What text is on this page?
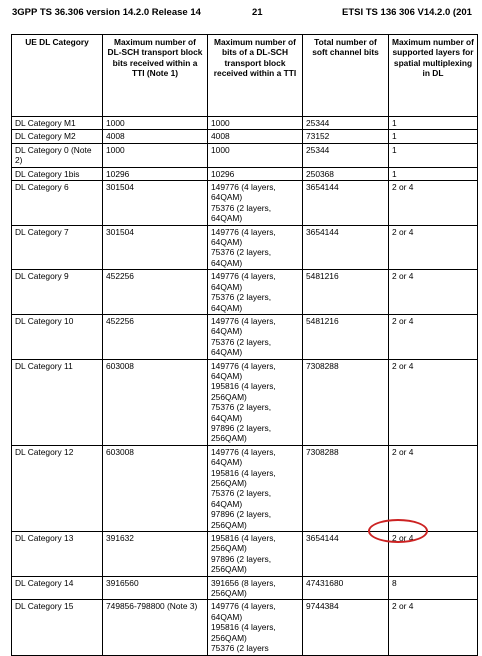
3GPP TS 36.306 version 14.2.0 Release 14	21	ETSI TS 136 306 V14.2.0 (201
UE DL Category	Maximum number of DL-SCH transport block bits received within a TTI (Note 1)	Maximum number of bits of a DL-SCH transport block received within a TTI	Total number of soft channel bits	Maximum number of supported layers for spatial multiplexing in DL
DL Category M1	1000	1000	25344	1
DL Category M2	4008	4008	73152	1
DL Category 0 (Note 2)	1000	1000	25344	1
DL Category 1bis	10296	10296	250368	1
DL Category 6	301504	149776 (4 layers, 64QAM)
75376 (2 layers, 64QAM)	3654144	2 or 4
DL Category 7	301504	149776 (4 layers, 64QAM)
75376 (2 layers, 64QAM)	3654144	2 or 4
DL Category 9	452256	149776 (4 layers, 64QAM)
75376 (2 layers, 64QAM)	5481216	2 or 4
DL Category 10	452256	149776 (4 layers, 64QAM)
75376 (2 layers, 64QAM)	5481216	2 or 4
DL Category 11	603008	149776 (4 layers, 64QAM)
195816 (4 layers, 256QAM)
75376 (2 layers, 64QAM)
97896 (2 layers, 256QAM)	7308288	2 or 4
DL Category 12	603008	149776 (4 layers, 64QAM)
195816 (4 layers, 256QAM)
75376 (2 layers, 64QAM)
97896 (2 layers, 256QAM)	7308288	2 or 4
DL Category 13	391632	195816 (4 layers, 256QAM)
97896 (2 layers, 256QAM)	3654144	2 or 4
DL Category 14	3916560	391656 (8 layers, 256QAM)	47431680	8
DL Category 15	749856-798800 (Note 3)	149776 (4 layers, 64QAM)
195816 (4 layers, 256QAM)
75376 (2 layers	9744384	2 or 4
